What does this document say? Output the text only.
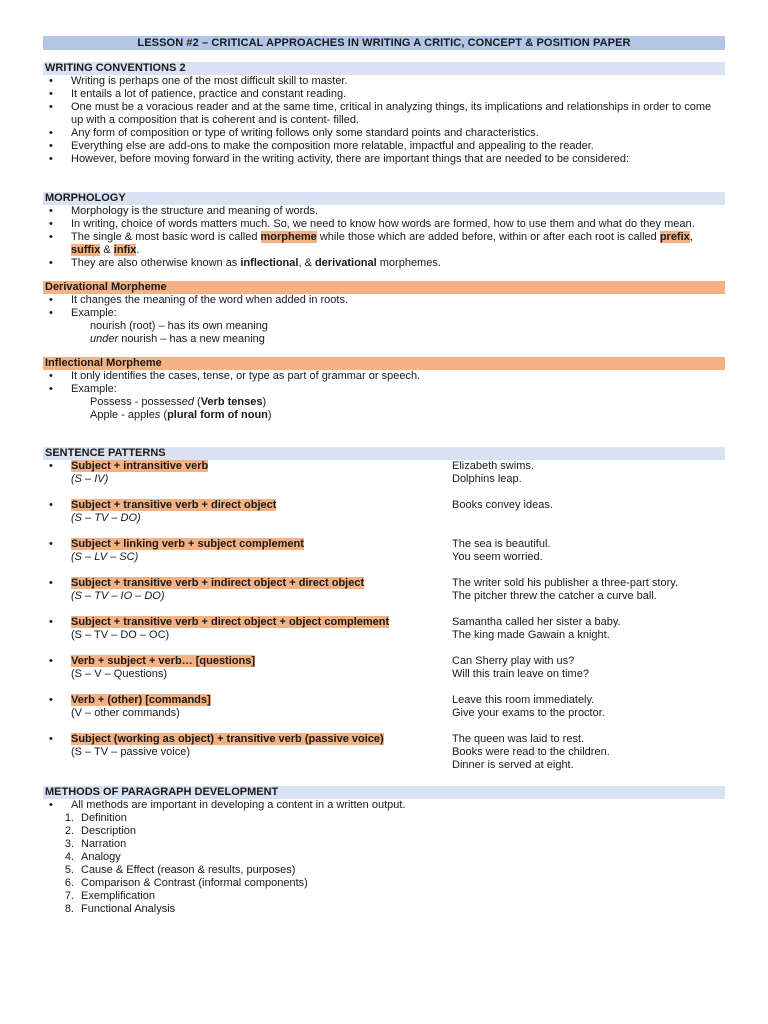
LESSON #2 – CRITICAL APPROACHES IN WRITING A CRITIC, CONCEPT & POSITION PAPER
WRITING CONVENTIONS 2
• Writing is perhaps one of the most difficult skill to master.
• It entails a lot of patience, practice and constant reading.
• One must be a voracious reader and at the same time, critical in analyzing things, its implications and relationships in order to come up with a composition that is coherent and is content- filled.
• Any form of composition or type of writing follows only some standard points and characteristics.
• Everything else are add-ons to make the composition more relatable, impactful and appealing to the reader.
• However, before moving forward in the writing activity, there are important things that are needed to be considered:
MORPHOLOGY
• Morphology is the structure and meaning of words.
• In writing, choice of words matters much. So, we need to know how words are formed, how to use them and what do they mean.
• The single & most basic word is called morpheme while those which are added before, within or after each root is called prefix,
suffix & infix.
• They are also otherwise known as inflectional, & derivational morphemes.
Derivational Morpheme
• It changes the meaning of the word when added in roots.
• Example:
nourish (root) – has its own meaning
under nourish – has a new meaning
Inflectional Morpheme
• It only identifies the cases, tense, or type as part of grammar or speech.
• Example:
Possess - possessed (Verb tenses)
Apple - apples (plural form of noun)
SENTENCE PATTERNS
• Subject + intransitive verb
(S – IV)
Elizabeth swims.
Dolphins leap.
• Subject + transitive verb + direct object
(S – TV – DO)
Books convey ideas.
• Subject + linking verb + subject complement
(S – LV – SC)
The sea is beautiful.
You seem worried.
• Subject + transitive verb + indirect object + direct object
(S – TV – IO – DO)
The writer sold his publisher a three-part story.
The pitcher threw the catcher a curve ball.
• Subject + transitive verb + direct object + object complement
(S – TV – DO – OC)
Samantha called her sister a baby.
The king made Gawain a knight.
• Verb + subject + verb… [questions]
(S – V – Questions)
Can Sherry play with us?
Will this train leave on time?
• Verb + (other) [commands]
(V – other commands)
Leave this room immediately.
Give your exams to the proctor.
• Subject (working as object) + transitive verb (passive voice)
(S – TV – passive voice)
The queen was laid to rest.
Books were read to the children.
Dinner is served at eight.
METHODS OF PARAGRAPH DEVELOPMENT
• All methods are important in developing a content in a written output.
1. Definition
2. Description
3. Narration
4. Analogy
5. Cause & Effect (reason & results, purposes)
6. Comparison & Contrast (informal components)
7. Exemplification
8. Functional Analysis
